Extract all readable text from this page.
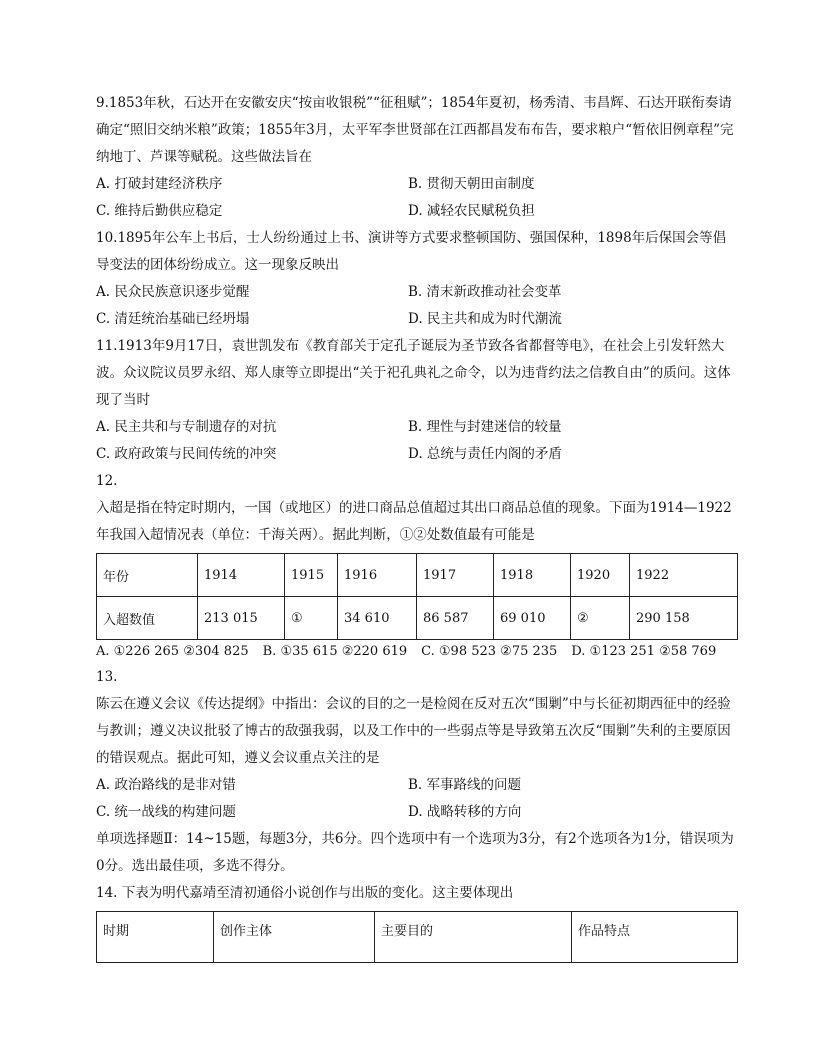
9.1853年秋，石达开在安徽安庆“按亩收银税”“征租赋”；1854年夏初，杨秀清、韦昌辉、石达开联衔奏请确定“照旧交纳米粮”政策；1855年3月，太平军李世贤部在江西都昌发布布告，要求粮户“暂依旧例章程”完纳地丁、芦课等赋税。这些做法旨在

A. 打破封建经济秩序	B. 贯彻天朝田亩制度
C. 维持后勤供应稳定	D. 减轻农民赋税负担

10.1895年公车上书后，士人纷纷通过上书、演讲等方式要求整顿国防、强国保种，1898年后保国会等倡导变法的团体纷纷成立。这一现象反映出

A. 民众民族意识逐步觉醒	B. 清末新政推动社会变革
C. 清廷统治基础已经坍塌	D. 民主共和成为时代潮流

11.1913年9月17日，袁世凯发布《教育部关于定孔子诞辰为圣节致各省都督等电》，在社会上引发轩然大波。众议院议员罗永绍、郑人康等立即提出“关于祀孔典礼之命令，以为违背约法之信教自由”的质问。这体现了当时

A. 民主共和与专制遗存的对抗	B. 理性与封建迷信的较量
C. 政府政策与民间传统的冲突	D. 总统与责任内阁的矛盾

12.

入超是指在特定时期内，一国（或地区）的进口商品总值超过其出口商品总值的现象。下面为1914—1922年我国入超情况表（单位：千海关两）。据此判断，①②处数值最有可能是

年份	1914	1915	1916	1917	1918	1920	1922
入超数值	213 015	①	34 610	86 587	69 010	②	290 158
A. ①226 265 ②304 825 B. ①35 615 ②220 619 C. ①98 523 ②75 235 D. ①123 251 ②58 769

13.

陈云在遵义会议《传达提纲》中指出：会议的目的之一是检阅在反对五次“围剿”中与长征初期西征中的经验与教训；遵义决议批驳了博古的敌强我弱，以及工作中的一些弱点等是导致第五次反“围剿”失利的主要原因的错误观点。据此可知，遵义会议重点关注的是

A. 政治路线的是非对错	B. 军事路线的问题
C. 统一战线的构建问题	D. 战略转移的方向

单项选择题Ⅱ：14~15题，每题3分，共6分。四个选项中有一个选项为3分，有2个选项各为1分，错误项为0分。选出最佳项，多选不得分。

14. 下表为明代嘉靖至清初通俗小说创作与出版的变化。这主要体现出

时期	创作主体	主要目的	作品特点
